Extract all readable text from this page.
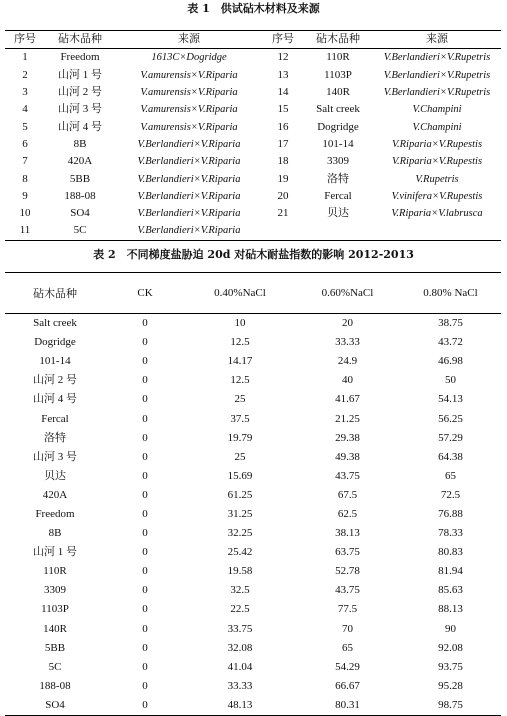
表 1　供试砧木材料及来源
序号	砧木品种	来源	序号	砧木品种	来源
1	Freedom	1613C×Dogridge	12	110R	V.Berlandieri×V.Rupetris
2	山河 1 号	V.amurensis×V.Riparia	13	1103P	V.Berlandieri×V.Rupetris
3	山河 2 号	V.amurensis×V.Riparia	14	140R	V.Berlandieri×V.Rupetris
4	山河 3 号	V.amurensis×V.Riparia	15	Salt creek	V.Champini
5	山河 4 号	V.amurensis×V.Riparia	16	Dogridge	V.Champini
6	8B	V.Berlandieri×V.Riparia	17	101-14	V.Riparia×V.Rupestis
7	420A	V.Berlandieri×V.Riparia	18	3309	V.Riparia×V.Rupestis
8	5BB	V.Berlandieri×V.Riparia	19	洛特	V.Rupetris
9	188-08	V.Berlandieri×V.Riparia	20	Fercal	V.vinifera×V.Rupestis
10	SO4	V.Berlandieri×V.Riparia	21	贝达	V.Riparia×V.labrusca
11	5C	V.Berlandieri×V.Riparia			
表 2　不同梯度盐胁迫 20d 对砧木耐盐指数的影响 2012-2013
砧木品种	CK	0.40%NaCl	0.60%NaCl	0.80% NaCl
Salt creek	0	10	20	38.75
Dogridge	0	12.5	33.33	43.72
101-14	0	14.17	24.9	46.98
山河 2 号	0	12.5	40	50
山河 4 号	0	25	41.67	54.13
Fercal	0	37.5	21.25	56.25
洛特	0	19.79	29.38	57.29
山河 3 号	0	25	49.38	64.38
贝达	0	15.69	43.75	65
420A	0	61.25	67.5	72.5
Freedom	0	31.25	62.5	76.88
8B	0	32.25	38.13	78.33
山河 1 号	0	25.42	63.75	80.83
110R	0	19.58	52.78	81.94
3309	0	32.5	43.75	85.63
1103P	0	22.5	77.5	88.13
140R	0	33.75	70	90
5BB	0	32.08	65	92.08
5C	0	41.04	54.29	93.75
188-08	0	33.33	66.67	95.28
SO4	0	48.13	80.31	98.75
